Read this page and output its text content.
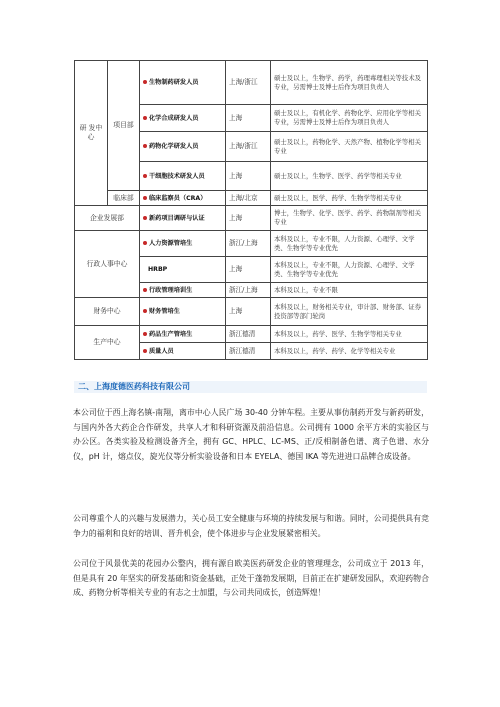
研 发中心	项目部	生物制药研发人员	上海/浙江	硕士及以上，生物学、药学，药理毒理相关等技术及专业，另需博士及博士后作为项目负责人
		化学合成研发人员	上海	硕士及以上，有机化学、药物化学、应用化学等相关专业，另需博士及博士后作为项目负责人
		药物化学研发人员	上海/浙江	硕士及以上，药物化学、天然产物、植物化学等相关专业
		干细胞技术研发人员	上海	硕士及以上，生物学、医学、药学等相关专业
	临床部	临床监察员（CRA）	上海/北京	硕士及以上，医学、药学、生物学等相关专业
企业发展部		新药项目调研与认证	上海	博士，生物学、化学、医学、药学、药物制剂等相关专业
行政人事中心		人力资源管培生	浙江/上海	本科及以上，专业不限，人力资源、心理学、文学类、生物学等专业优先
		HRBP	上海	本科及以上，专业不限，人力资源、心理学、文学类、生物学等专业优先
		行政管理培训生	浙江/上海	本科及以上，专业不限
财务中心		财务管培生	上海	本科及以上，财务相关专业，审计部、财务部、证券投资部等部门轮岗
生产中心		药品生产管培生	浙江德清	本科及以上，药学、医学、生物学等相关专业
		质量人员	浙江德清	本科及以上，药学、药学、化学等相关专业
二、上海度德医药科技有限公司

本公司位于西上海名镇-南翔，离市中心人民广场 30-40 分钟车程。主要从事仿制药开发与新药研发，与国内外各大药企合作研发，共享人才和科研资源及前沿信息。公司拥有 1000 余平方米的实验区与办公区。各类实验及检测设备齐全，拥有 GC、HPLC、LC-MS、正/反相制备色谱、离子色谱、水分仪，pH 计，熔点仪，旋光仪等分析实验设备和日本 EYELA、德国 IKA 等先进进口品牌合成设备。

公司尊重个人的兴趣与发展潜力，关心员工安全健康与环境的持续发展与和谐。同时，公司提供具有竞争力的福利和良好的培训、晋升机会，使个体进步与企业发展紧密相关。

公司位于风景优美的花园办公整内，拥有源自欧美医药研发企业的管理理念，公司成立于 2013 年，但是具有 20 年坚实的研发基础和资金基础，正处于蓬勃发展期，目前正在扩建研发园队，欢迎药物合成、药物分析等相关专业的有志之士加盟，与公司共同成长，创造辉煌！
